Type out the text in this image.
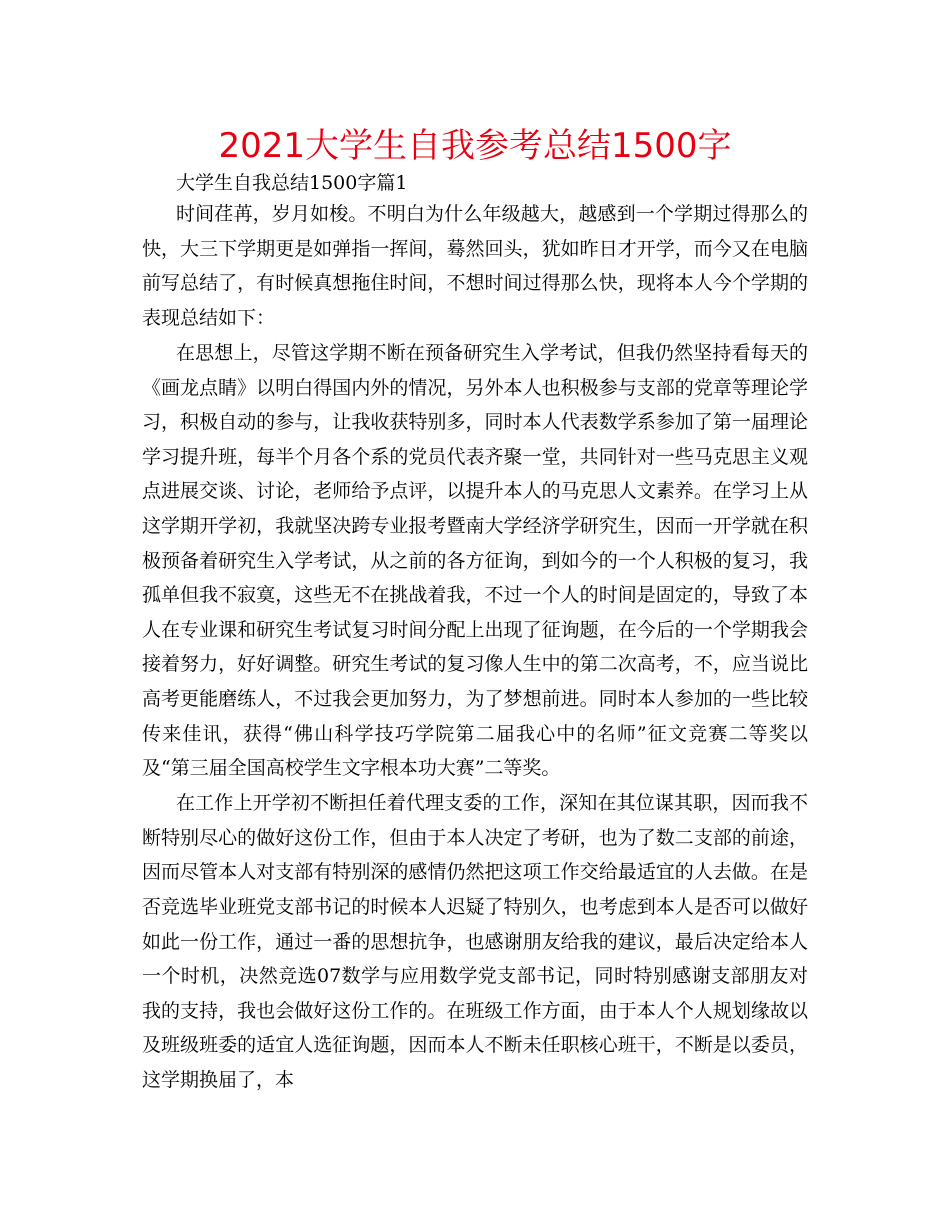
2021大学生自我参考总结1500字

大学生自我总结1500字篇1

时间荏苒，岁月如梭。不明白为什么年级越大，越感到一个学期过得那么的快，大三下学期更是如弹指一挥间，蓦然回头，犹如昨日才开学，而今又在电脑前写总结了，有时候真想拖住时间，不想时间过得那么快，现将本人今个学期的表现总结如下：

在思想上，尽管这学期不断在预备研究生入学考试，但我仍然坚持看每天的《画龙点睛》以明白得国内外的情况，另外本人也积极参与支部的党章等理论学习，积极自动的参与，让我收获特别多，同时本人代表数学系参加了第一届理论学习提升班，每半个月各个系的党员代表齐聚一堂，共同针对一些马克思主义观点进展交谈、讨论，老师给予点评，以提升本人的马克思人文素养。在学习上从这学期开学初，我就坚决跨专业报考暨南大学经济学研究生，因而一开学就在积极预备着研究生入学考试，从之前的各方征询，到如今的一个人积极的复习，我孤单但我不寂寞，这些无不在挑战着我，不过一个人的时间是固定的，导致了本人在专业课和研究生考试复习时间分配上出现了征询题，在今后的一个学期我会接着努力，好好调整。研究生考试的复习像人生中的第二次高考，不，应当说比高考更能磨练人，不过我会更加努力，为了梦想前进。同时本人参加的一些比较传来佳讯，获得“佛山科学技巧学院第二届我心中的名师”征文竞赛二等奖以及“第三届全国高校学生文字根本功大赛”二等奖。

在工作上开学初不断担任着代理支委的工作，深知在其位谋其职，因而我不断特别尽心的做好这份工作，但由于本人决定了考研，也为了数二支部的前途，因而尽管本人对支部有特别深的感情仍然把这项工作交给最适宜的人去做。在是否竞选毕业班党支部书记的时候本人迟疑了特别久，也考虑到本人是否可以做好如此一份工作，通过一番的思想抗争，也感谢朋友给我的建议，最后决定给本人一个时机，决然竞选07数学与应用数学党支部书记，同时特别感谢支部朋友对我的支持，我也会做好这份工作的。在班级工作方面，由于本人个人规划缘故以及班级班委的适宜人选征询题，因而本人不断未任职核心班干，不断是以委员，这学期换届了，本
